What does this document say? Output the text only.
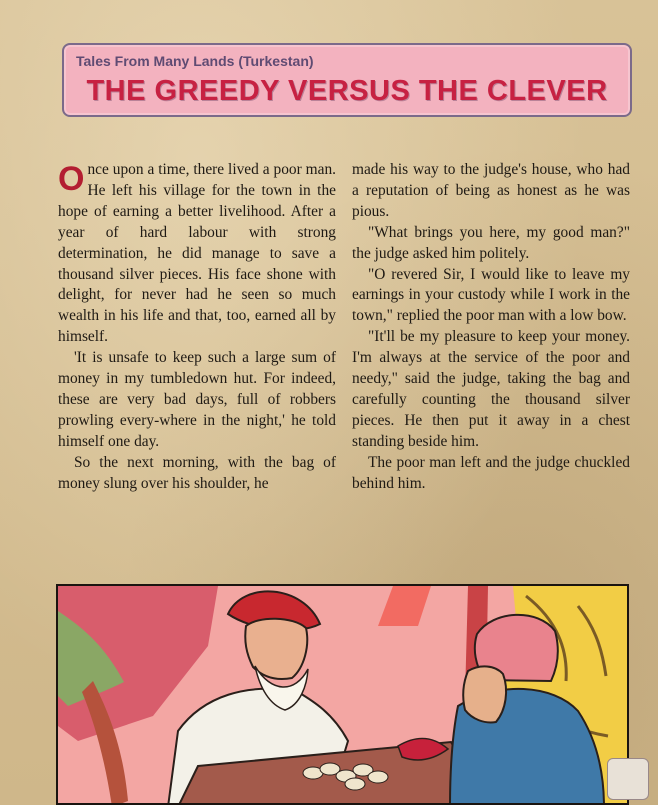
Tales From Many Lands (Turkestan)
THE GREEDY VERSUS THE CLEVER

Once upon a time, there lived a poor man. He left his village for the town in the hope of earning a better livelihood. After a year of hard labour with strong determination, he did manage to save a thousand silver pieces. His face shone with delight, for never had he seen so much wealth in his life and that, too, earned all by himself.

'It is unsafe to keep such a large sum of money in my tumbledown hut. For indeed, these are very bad days, full of robbers prowling every-where in the night,' he told himself one day.

So the next morning, with the bag of money slung over his shoulder, he

made his way to the judge's house, who had a reputation of being as honest as he was pious.

"What brings you here, my good man?" the judge asked him politely.

"O revered Sir, I would like to leave my earnings in your custody while I work in the town," replied the poor man with a low bow.

"It'll be my pleasure to keep your money. I'm always at the service of the poor and needy," said the judge, taking the bag and carefully counting the thousand silver pieces. He then put it away in a chest standing beside him.

The poor man left and the judge chuckled behind him.
